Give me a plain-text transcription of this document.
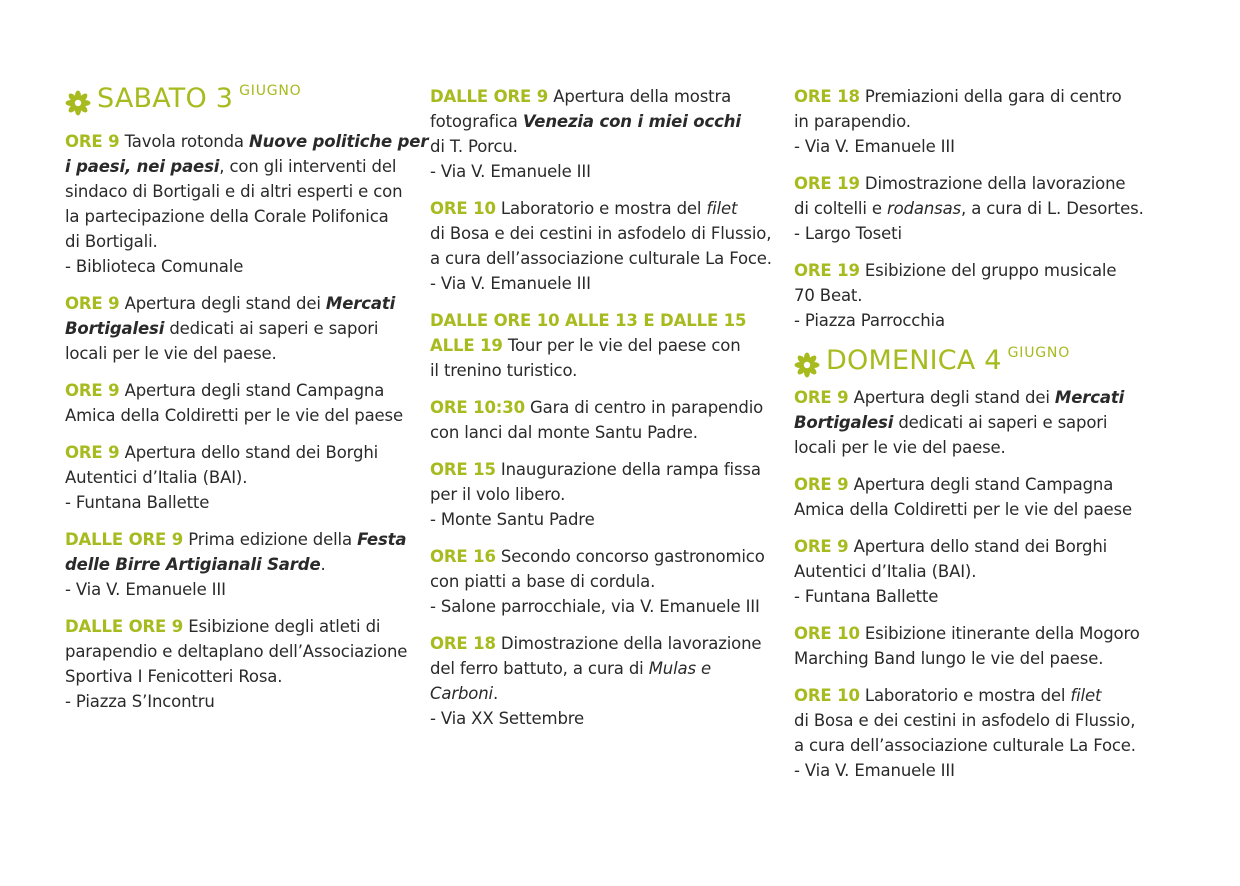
SABATO 3 GIUGNO
ORE 9 Tavola rotonda Nuove politiche per
i paesi, nei paesi, con gli interventi del
sindaco di Bortigali e di altri esperti e con
la partecipazione della Corale Polifonica
di Bortigali.
- Biblioteca Comunale
ORE 9 Apertura degli stand dei Mercati
Bortigalesi dedicati ai saperi e sapori
locali per le vie del paese.
ORE 9 Apertura degli stand Campagna
Amica della Coldiretti per le vie del paese
ORE 9 Apertura dello stand dei Borghi
Autentici d’Italia (BAI).
- Funtana Ballette
DALLE ORE 9 Prima edizione della Festa
delle Birre Artigianali Sarde.
- Via V. Emanuele III
DALLE ORE 9 Esibizione degli atleti di
parapendio e deltaplano dell’Associazione
Sportiva I Fenicotteri Rosa.
- Piazza S’Incontru
DALLE ORE 9 Apertura della mostra
fotografica Venezia con i miei occhi
di T. Porcu.
- Via V. Emanuele III
ORE 10 Laboratorio e mostra del filet
di Bosa e dei cestini in asfodelo di Flussio,
a cura dell’associazione culturale La Foce.
- Via V. Emanuele III
DALLE ORE 10 ALLE 13 E DALLE 15
ALLE 19 Tour per le vie del paese con
il trenino turistico.
ORE 10:30 Gara di centro in parapendio
con lanci dal monte Santu Padre.
ORE 15 Inaugurazione della rampa fissa
per il volo libero.
- Monte Santu Padre
ORE 16 Secondo concorso gastronomico
con piatti a base di cordula.
- Salone parrocchiale, via V. Emanuele III
ORE 18 Dimostrazione della lavorazione
del ferro battuto, a cura di Mulas e
Carboni.
- Via XX Settembre
ORE 18 Premiazioni della gara di centro
in parapendio.
- Via V. Emanuele III
ORE 19 Dimostrazione della lavorazione
di coltelli e rodansas, a cura di L. Desortes.
- Largo Toseti
ORE 19 Esibizione del gruppo musicale
70 Beat.
- Piazza Parrocchia
DOMENICA 4 GIUGNO
ORE 9 Apertura degli stand dei Mercati
Bortigalesi dedicati ai saperi e sapori
locali per le vie del paese.
ORE 9 Apertura degli stand Campagna
Amica della Coldiretti per le vie del paese
ORE 9 Apertura dello stand dei Borghi
Autentici d’Italia (BAI).
- Funtana Ballette
ORE 10 Esibizione itinerante della Mogoro
Marching Band lungo le vie del paese.
ORE 10 Laboratorio e mostra del filet
di Bosa e dei cestini in asfodelo di Flussio,
a cura dell’associazione culturale La Foce.
- Via V. Emanuele III
